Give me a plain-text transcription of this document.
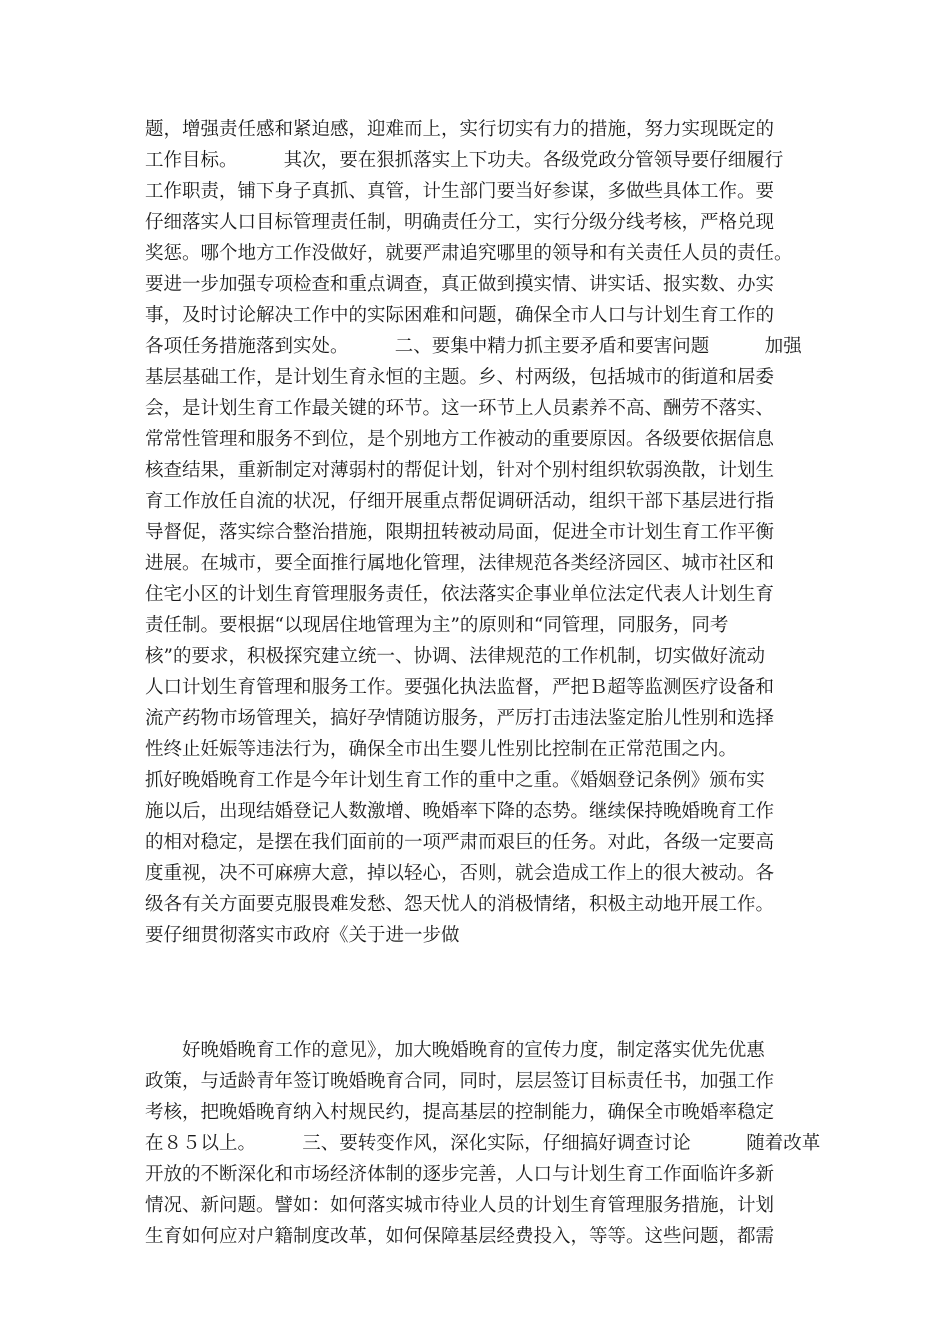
题，增强责任感和紧迫感，迎难而上，实行切实有力的措施，努力实现既定的
工作目标。　　　其次，要在狠抓落实上下功夫。各级党政分管领导要仔细履行
工作职责，铺下身子真抓、真管，计生部门要当好参谋，多做些具体工作。要
仔细落实人口目标管理责任制，明确责任分工，实行分级分线考核，严格兑现
奖惩。哪个地方工作没做好，就要严肃追究哪里的领导和有关责任人员的责任。
要进一步加强专项检查和重点调查，真正做到摸实情、讲实话、报实数、办实
事，及时讨论解决工作中的实际困难和问题，确保全市人口与计划生育工作的
各项任务措施落到实处。　　　二、要集中精力抓主要矛盾和要害问题　　　加强
基层基础工作，是计划生育永恒的主题。乡、村两级，包括城市的街道和居委
会，是计划生育工作最关键的环节。这一环节上人员素养不高、酬劳不落实、
常常性管理和服务不到位，是个别地方工作被动的重要原因。各级要依据信息
核查结果，重新制定对薄弱村的帮促计划，针对个别村组织软弱涣散，计划生
育工作放任自流的状况，仔细开展重点帮促调研活动，组织干部下基层进行指
导督促，落实综合整治措施，限期扭转被动局面，促进全市计划生育工作平衡
进展。在城市，要全面推行属地化管理，法律规范各类经济园区、城市社区和
住宅小区的计划生育管理服务责任，依法落实企事业单位法定代表人计划生育
责任制。要根据“以现居住地管理为主”的原则和“同管理，同服务，同考
核”的要求，积极探究建立统一、协调、法律规范的工作机制，切实做好流动
人口计划生育管理和服务工作。要强化执法监督，严把Ｂ超等监测医疗设备和
流产药物市场管理关，搞好孕情随访服务，严厉打击违法鉴定胎儿性别和选择
性终止妊娠等违法行为，确保全市出生婴儿性别比控制在正常范围之内。
抓好晚婚晚育工作是今年计划生育工作的重中之重。《婚姻登记条例》颁布实
施以后，出现结婚登记人数激增、晚婚率下降的态势。继续保持晚婚晚育工作
的相对稳定，是摆在我们面前的一项严肃而艰巨的任务。对此，各级一定要高
度重视，决不可麻痹大意，掉以轻心，否则，就会造成工作上的很大被动。各
级各有关方面要克服畏难发愁、怨天忧人的消极情绪，积极主动地开展工作。
要仔细贯彻落实市政府《关于进一步做
　　好晚婚晚育工作的意见》，加大晚婚晚育的宣传力度，制定落实优先优惠
政策，与适龄青年签订晚婚晚育合同，同时，层层签订目标责任书，加强工作
考核，把晚婚晚育纳入村规民约，提高基层的控制能力，确保全市晚婚率稳定
在８５以上。　　　三、要转变作风，深化实际，仔细搞好调查讨论　　　随着改革
开放的不断深化和市场经济体制的逐步完善，人口与计划生育工作面临许多新
情况、新问题。譬如：如何落实城市待业人员的计划生育管理服务措施，计划
生育如何应对户籍制度改革，如何保障基层经费投入，等等。这些问题，都需
